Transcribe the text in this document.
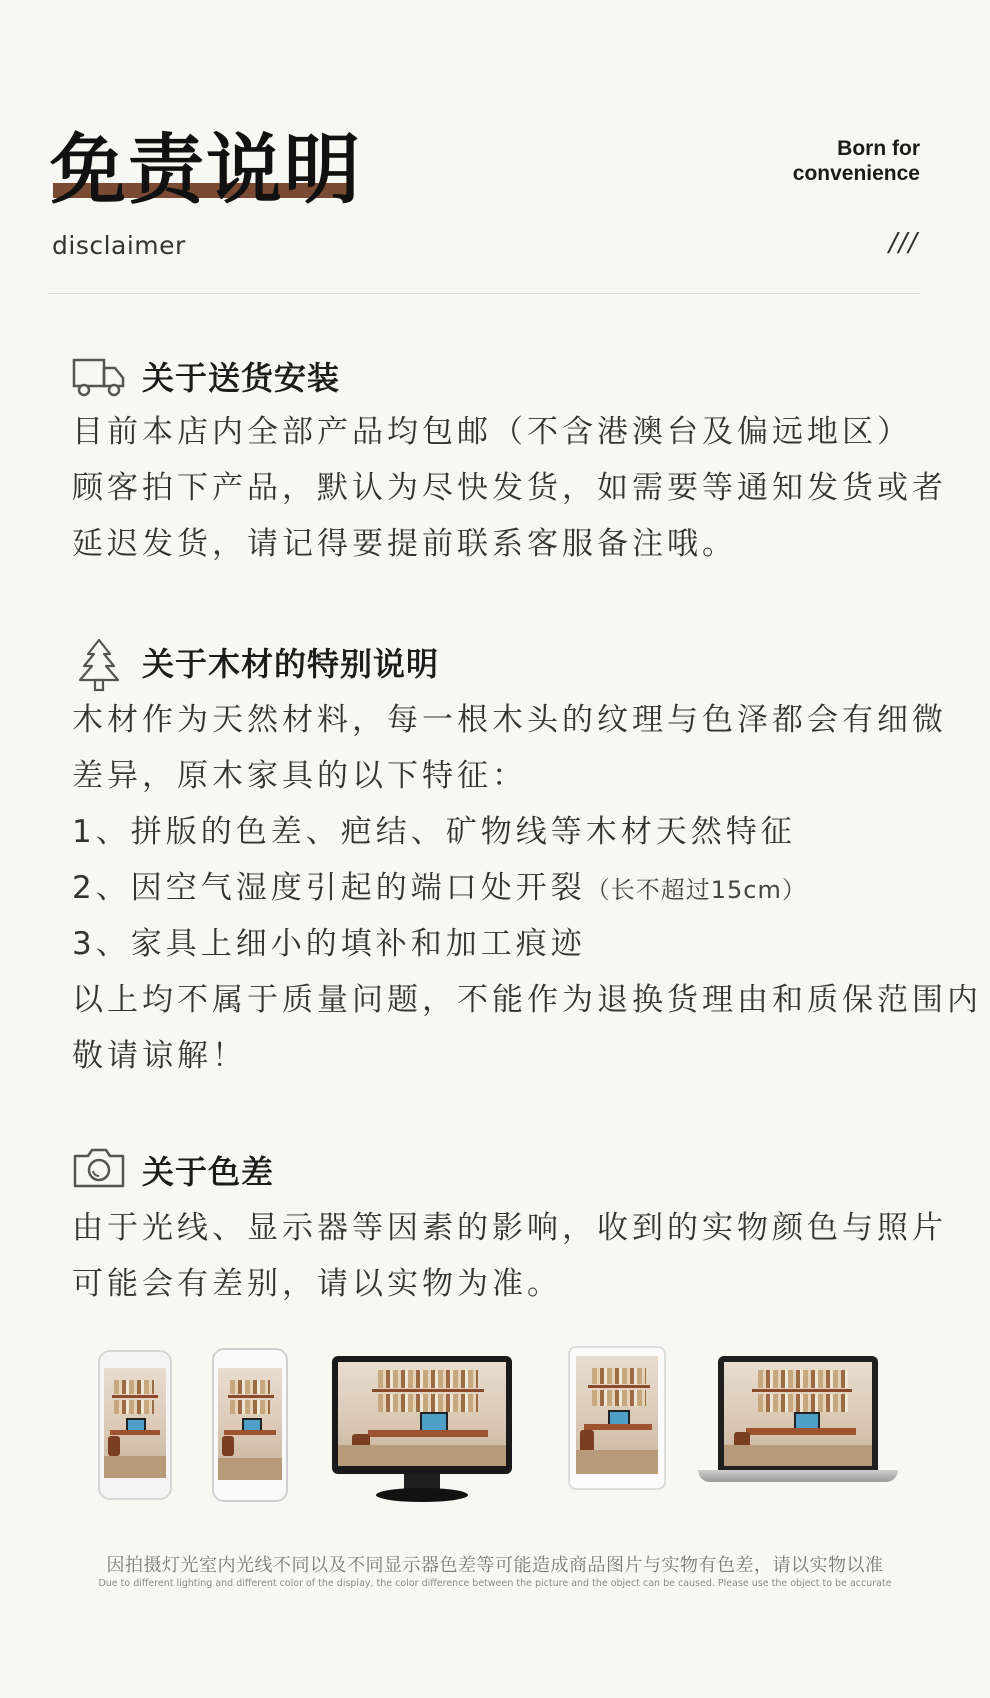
免责说明
disclaimer
Born for
convenience
///
关于送货安装

目前本店内全部产品均包邮（不含港澳台及偏远地区）

顾客拍下产品，默认为尽快发货，如需要等通知发货或者

延迟发货，请记得要提前联系客服备注哦。

关于木材的特别说明

木材作为天然材料，每一根木头的纹理与色泽都会有细微

差异，原木家具的以下特征：

1、拼版的色差、疤结、矿物线等木材天然特征

2、因空气湿度引起的端口处开裂（长不超过15cm）

3、家具上细小的填补和加工痕迹

以上均不属于质量问题，不能作为退换货理由和质保范围内

敬请谅解！

关于色差

由于光线、显示器等因素的影响，收到的实物颜色与照片

可能会有差别，请以实物为准。

因拍摄灯光室内光线不同以及不同显示器色差等可能造成商品图片与实物有色差，请以实物以准
Due to different lighting and different color of the display, the color difference between the picture and the object can be caused. Please use the object to be accurate
